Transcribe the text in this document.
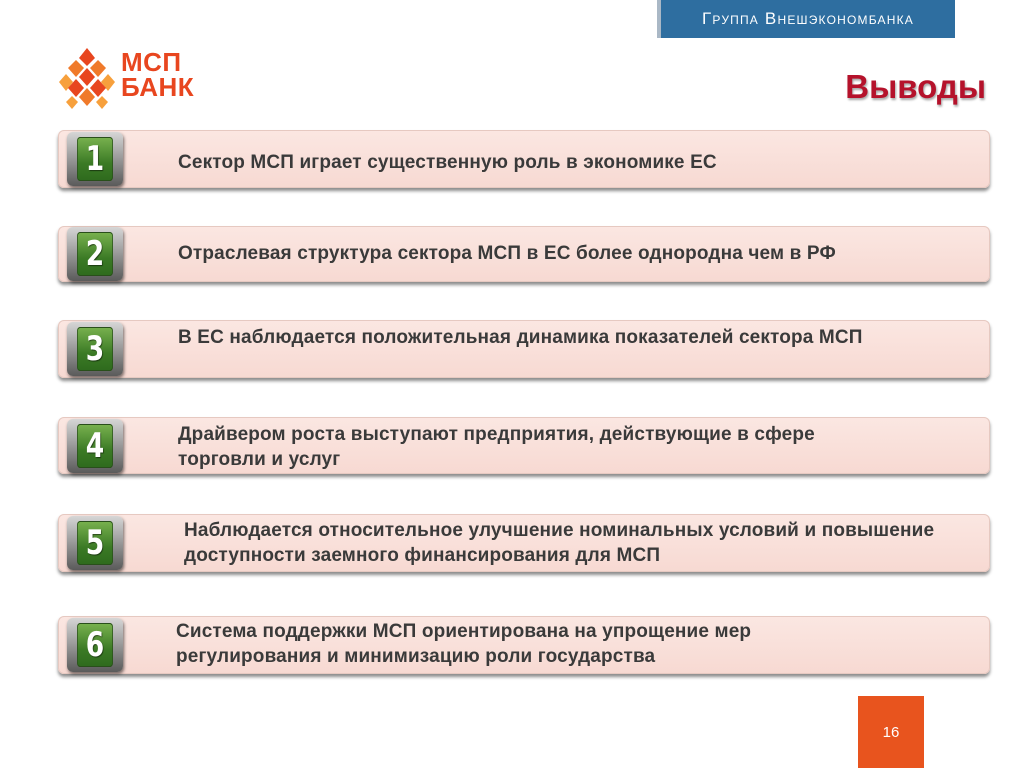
Группа Внешэкономбанка
МСП
БАНК	Выводы
1	Сектор МСП играет существенную роль в экономике ЕС
2	Отраслевая структура сектора МСП в ЕС более однородна чем в РФ
3	В ЕС наблюдается положительная динамика показателей сектора МСП
4	Драйвером роста выступают предприятия, действующие в сфере торговли и услуг
5	Наблюдается относительное улучшение номинальных условий и повышение доступности заемного финансирования для МСП
6	Система поддержки МСП ориентирована на упрощение мер регулирования и минимизацию роли государства
16
